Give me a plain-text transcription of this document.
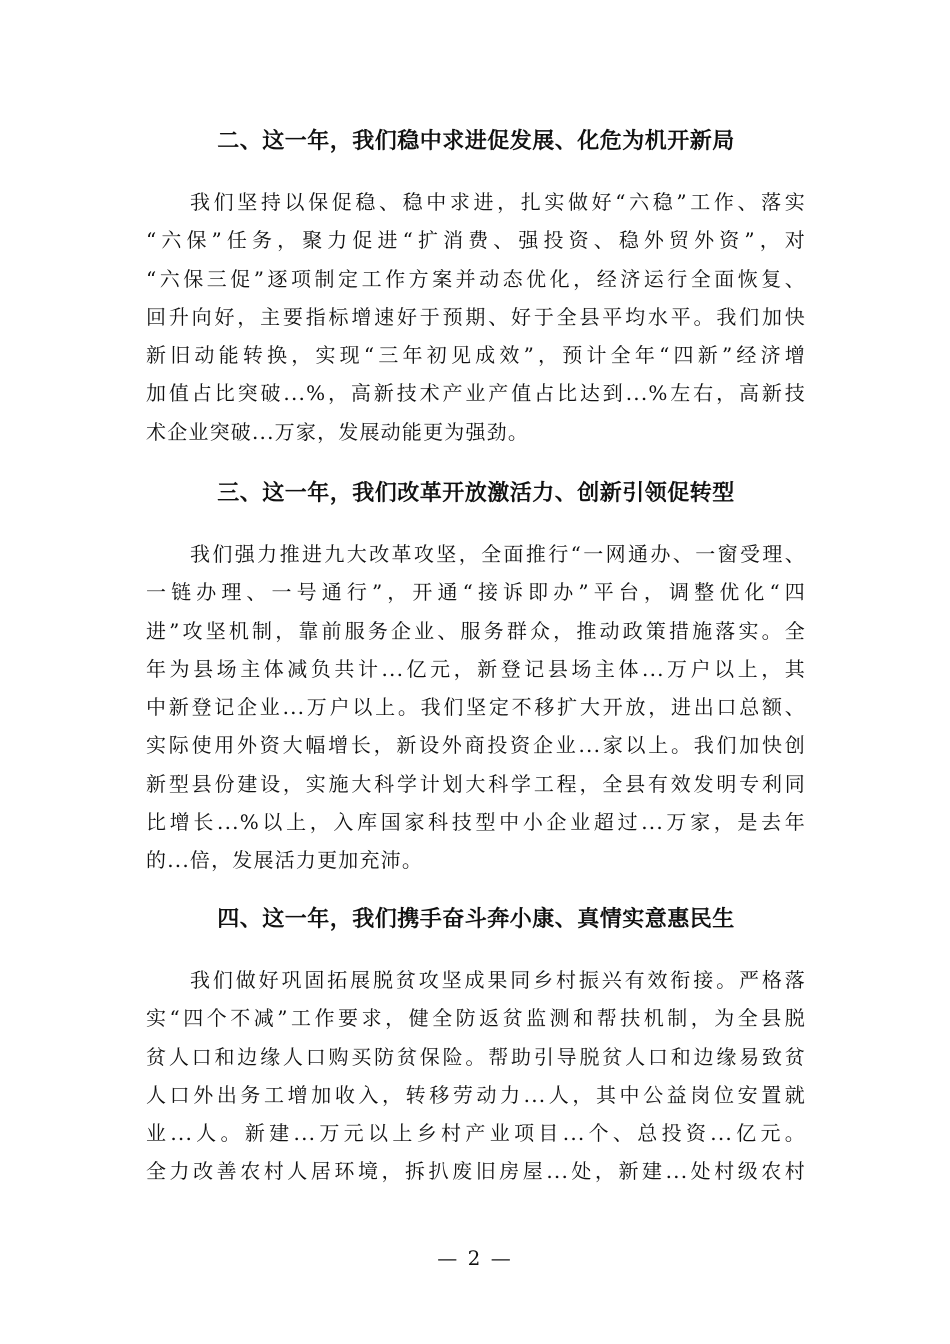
二、这一年，我们稳中求进促发展、化危为机开新局

我们坚持以保促稳、稳中求进，扎实做好“六稳”工作、落实
“六保”任务，聚力促进“扩消费、强投资、稳外贸外资”，对
“六保三促”逐项制定工作方案并动态优化，经济运行全面恢复、
回升向好，主要指标增速好于预期、好于全县平均水平。我们加快
新旧动能转换，实现“三年初见成效”，预计全年“四新”经济增
加值占比突破...%，高新技术产业产值占比达到...%左右，高新技
术企业突破...万家，发展动能更为强劲。

三、这一年，我们改革开放激活力、创新引领促转型

我们强力推进九大改革攻坚，全面推行“一网通办、一窗受理、
一链办理、一号通行”，开通“接诉即办”平台，调整优化“四
进”攻坚机制，靠前服务企业、服务群众，推动政策措施落实。全
年为县场主体减负共计...亿元，新登记县场主体...万户以上，其
中新登记企业...万户以上。我们坚定不移扩大开放，进出口总额、
实际使用外资大幅增长，新设外商投资企业...家以上。我们加快创
新型县份建设，实施大科学计划大科学工程，全县有效发明专利同
比增长...%以上，入库国家科技型中小企业超过...万家，是去年
的...倍，发展活力更加充沛。

四、这一年，我们携手奋斗奔小康、真情实意惠民生

我们做好巩固拓展脱贫攻坚成果同乡村振兴有效衔接。严格落
实“四个不减”工作要求，健全防返贫监测和帮扶机制，为全县脱
贫人口和边缘人口购买防贫保险。帮助引导脱贫人口和边缘易致贫
人口外出务工增加收入，转移劳动力...人，其中公益岗位安置就
业...人。新建...万元以上乡村产业项目...个、总投资...亿元。
全力改善农村人居环境，拆扒废旧房屋...处，新建...处村级农村

— 2 —
